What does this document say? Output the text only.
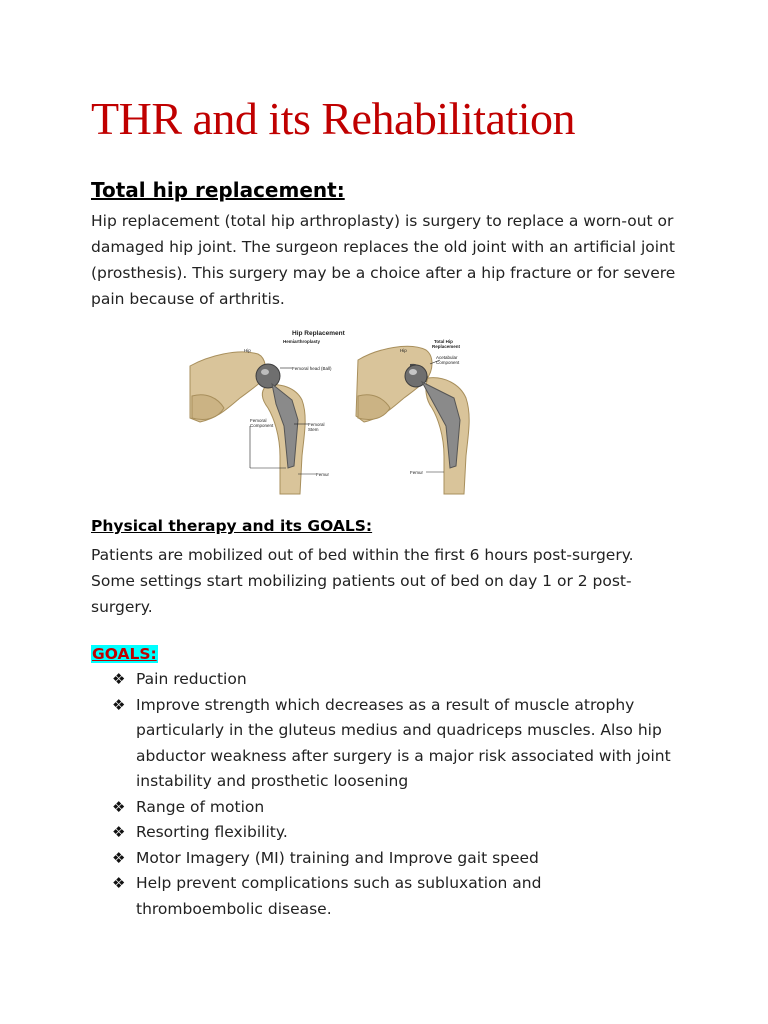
THR and its Rehabilitation
Total hip replacement:
Hip replacement (total hip arthroplasty) is surgery to replace a worn-out or damaged hip joint. The surgeon replaces the old joint with an artificial joint (prosthesis). This surgery may be a choice after a hip fracture or for severe pain because of arthritis.
Hip Replacement
Hemiarthroplasty	Total Hip
Replacement
Hip	Hip
Femoral head (Ball)
Femoral
Component	Femoral
Stem
Femur
Acetabular
Component
Femur
Physical therapy and its GOALS:
Patients are mobilized out of bed within the first 6 hours post-surgery. Some settings start mobilizing patients out of bed on day 1 or 2 post-surgery.
GOALS:
❖ Pain reduction
❖ Improve strength which decreases as a result of muscle atrophy particularly in the gluteus medius and quadriceps muscles. Also hip abductor weakness after surgery is a major risk associated with joint instability and prosthetic loosening
❖ Range of motion
❖ Resorting flexibility.
❖ Motor Imagery (MI) training and Improve gait speed
❖ Help prevent complications such as subluxation and thromboembolic disease.
